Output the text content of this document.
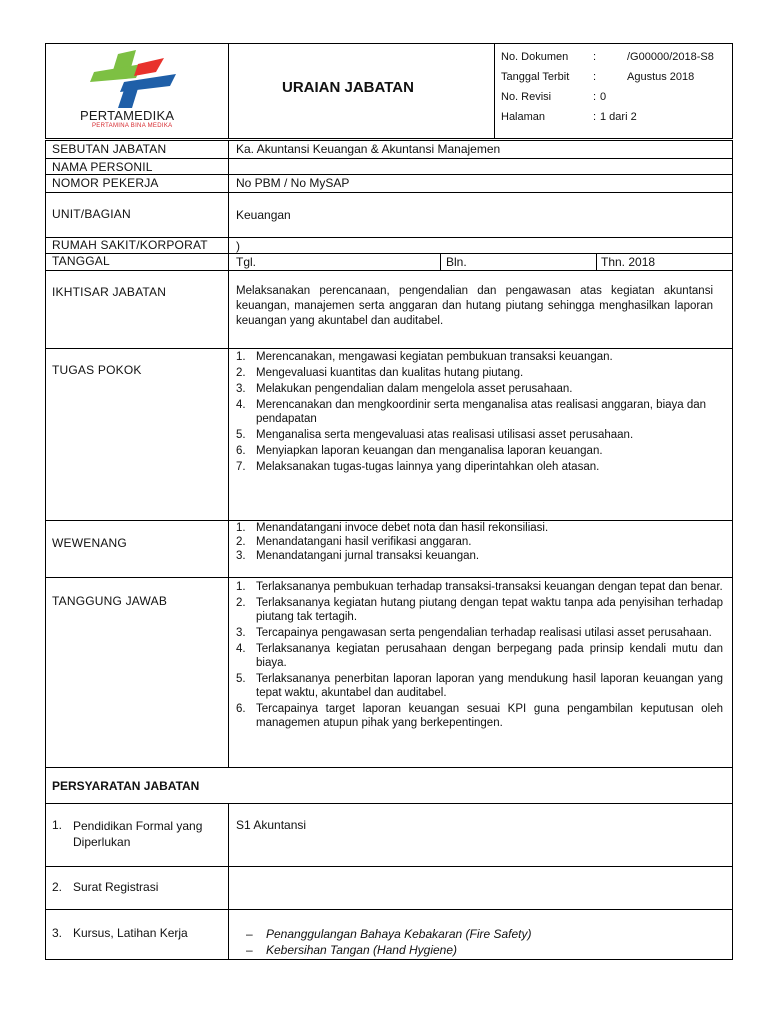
PERTAMEDIKA
PERTAMINA BINA MEDIKA
URAIAN JABATAN
No. Dokumen :	/G00000/2018-S8
Tanggal Terbit :	Agustus 2018
No. Revisi	: 0
Halaman	: 1 dari 2
SEBUTAN JABATAN	Ka. Akuntansi Keuangan & Akuntansi Manajemen
NAMA PERSONIL
NOMOR PEKERJA	No PBM / No MySAP
UNIT/BAGIAN	Keuangan
RUMAH SAKIT/KORPORAT )
TANGGAL	Tgl.	Bln.	Thn. 2018
IKHTISAR JABATAN	Melaksanakan perencanaan, pengendalian dan pengawasan atas kegiatan akuntansi keuangan, manajemen serta anggaran dan hutang piutang sehingga menghasilkan laporan keuangan yang akuntabel dan auditabel.
TUGAS POKOK
1. Merencanakan, mengawasi kegiatan pembukuan transaksi keuangan.
2. Mengevaluasi kuantitas dan kualitas hutang piutang.
3. Melakukan pengendalian dalam mengelola asset perusahaan.
4. Merencanakan dan mengkoordinir serta menganalisa atas realisasi anggaran, biaya dan pendapatan
5. Menganalisa serta mengevaluasi atas realisasi utilisasi asset perusahaan.
6. Menyiapkan laporan keuangan dan menganalisa laporan keuangan.
7. Melaksanakan tugas-tugas lainnya yang diperintahkan oleh atasan.
WEWENANG
1. Menandatangani invoce debet nota dan hasil rekonsiliasi.
2. Menandatangani hasil verifikasi anggaran.
3. Menandatangani jurnal transaksi keuangan.
TANGGUNG JAWAB
1. Terlaksananya pembukuan terhadap transaksi-transaksi keuangan dengan tepat dan benar.
2. Terlaksananya kegiatan hutang piutang dengan tepat waktu tanpa ada penyisihan terhadap piutang tak tertagih.
3. Tercapainya pengawasan serta pengendalian terhadap realisasi utilasi asset perusahaan.
4. Terlaksananya kegiatan perusahaan dengan berpegang pada prinsip kendali mutu dan biaya.
5. Terlaksananya penerbitan laporan laporan yang mendukung hasil laporan keuangan yang tepat waktu, akuntabel dan auditabel.
6. Tercapainya target laporan keuangan sesuai KPI guna pengambilan keputusan oleh managemen atupun pihak yang berkepentingen.
PERSYARATAN JABATAN
1. Pendidikan Formal yang Diperlukan
S1 Akuntansi
2. Surat Registrasi
3. Kursus, Latihan Kerja	– Penanggulangan Bahaya Kebakaran (Fire Safety)
– Kebersihan Tangan (Hand Hygiene)
